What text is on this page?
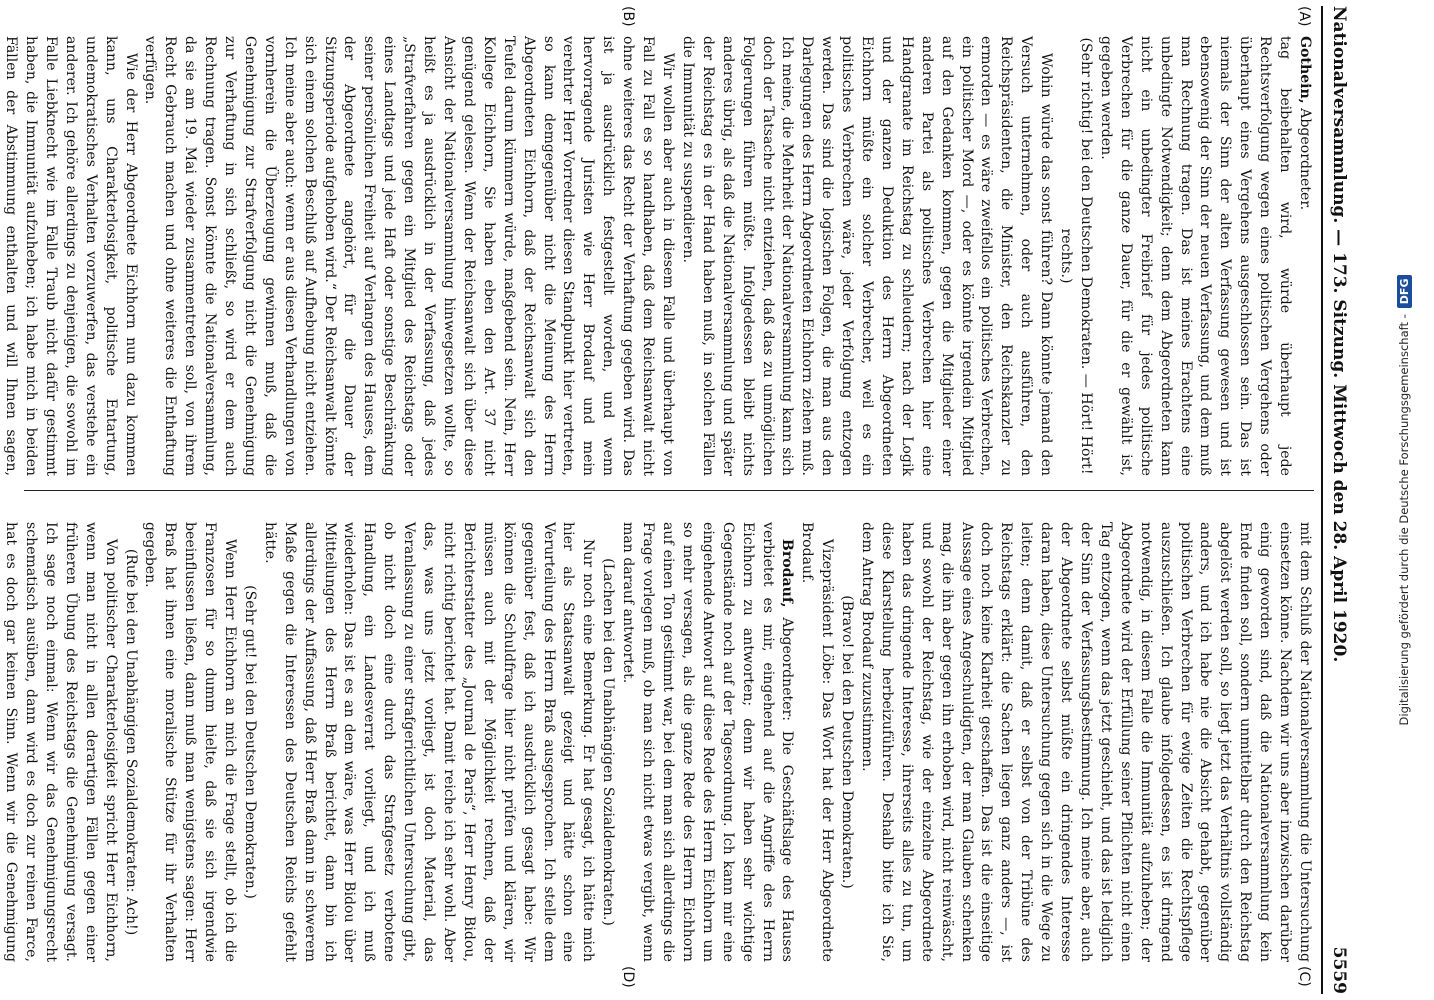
Nationalversammlung. — 173. Sitzung. Mittwoch den 28. April 1920.
5559
(A)
(B)
(C)
(D)

Gothein, Abgeordneter.

tag beibehalten wird, würde überhaupt jede Rechtsverfolgung wegen eines politischen Vergehens oder überhaupt eines Vergehens ausgeschlossen sein. Das ist niemals der Sinn der alten Verfassung gewesen und ist ebensowenig der Sinn der neuen Verfassung, und dem muß man Rechnung tragen. Das ist meines Erachtens eine unbedingte Notwendigkeit; denn dem Abgeordneten kann nicht ein unbedingter Freibrief für jedes politische Verbrechen für die ganze Dauer, für die er gewählt ist, gegeben werden.

(Sehr richtig! bei den Deutschen Demokraten. — Hört! Hört! rechts.)

Wohin würde das sonst führen? Dann könnte jemand den Versuch unternehmen, oder auch ausführen, den Reichspräsidenten, die Minister, den Reichskanzler zu ermorden — es wäre zweifellos ein politisches Verbrechen, ein politischer Mord —, oder es könnte irgendein Mitglied auf den Gedanken kommen, gegen die Mitglieder einer anderen Partei als politisches Verbrechen hier eine Handgranate im Reichstag zu schleudern; nach der Logik und der ganzen Deduktion des Herrn Abgeordneten Eichhorn müßte ein solcher Verbrecher, weil es ein politisches Verbrechen wäre, jeder Verfolgung entzogen werden. Das sind die logischen Folgen, die man aus den Darlegungen des Herrn Abgeordneten Eichhorn ziehen muß. Ich meine, die Mehrheit der Nationalversammlung kann sich doch der Tatsache nicht entziehen, daß das zu unmöglichen Folgerungen führen müßte. Infolgedessen bleibt nichts anderes übrig, als daß die Nationalversammlung und später der Reichstag es in der Hand haben muß, in solchen Fällen die Immunität zu suspendieren.

Wir wollen aber auch in diesem Falle und überhaupt von Fall zu Fall es so handhaben, daß dem Reichsanwalt nicht ohne weiteres das Recht der Verhaftung gegeben wird. Das ist ja ausdrücklich festgestellt worden, und wenn hervorragende Juristen wie Herr Brodauf und mein verehrter Herr Vorredner diesen Standpunkt hier vertreten, so kann demgegenüber nicht die Meinung des Herrn Abgeordneten Eichhorn, daß der Reichsanwalt sich den Teufel darum kümmern würde, maßgebend sein. Nein, Herr Kollege Eichhorn, Sie haben eben den Art. 37 nicht genügend gelesen. Wenn der Reichsanwalt sich über diese Ansicht der Nationalversammlung hinwegsetzen wollte, so heißt es ja ausdrücklich in der Verfassung, daß jedes „Strafverfahren gegen ein Mitglied des Reichstags oder eines Landtags und jede Haft oder sonstige Beschränkung seiner persönlichen Freiheit auf Verlangen des Hauses, dem der Abgeordnete angehört, für die Dauer der Sitzungsperiode aufgehoben wird.“ Der Reichsanwalt könnte sich einem solchen Beschluß auf Aufhebung nicht entziehen. Ich meine aber auch: wenn er aus diesen Verhandlungen von vornherein die Überzeugung gewinnen muß, daß die Genehmigung zur Strafverfolgung nicht die Genehmigung zur Verhaftung in sich schließt, so wird er dem auch Rechnung tragen. Sonst könnte die Nationalversammlung, da sie am 19. Mai wieder zusammentreten soll, von ihrem Recht Gebrauch machen und ohne weiteres die Enthaftung verfügen.

Wie der Herr Abgeordnete Eichhorn nun dazu kommen kann, uns Charakterlosigkeit, politische Entartung, undemokratisches Verhalten vorzuwerfen, das verstehe ein anderer. Ich gehöre allerdings zu denjenigen, die sowohl im Falle Liebknecht wie im Falle Traub nicht dafür gestimmt haben, die Immunität aufzuheben; ich habe mich in beiden Fällen der Abstimmung enthalten und will Ihnen sagen,

mit dem Schluß der Nationalversammlung die Untersuchung einsetzen könne. Nachdem wir uns aber inzwischen darüber einig geworden sind, daß die Nationalversammlung kein Ende finden soll, sondern unmittelbar durch den Reichstag abgelöst werden soll, so liegt jetzt das Verhältnis vollständig anders, und ich habe nie die Absicht gehabt, gegenüber politischen Verbrechen für ewige Zeiten die Rechtspflege auszuschließen. Ich glaube infolgedessen, es ist dringend notwendig, in diesem Falle die Immunität aufzuheben; der Abgeordnete wird der Erfüllung seiner Pflichten nicht einen Tag entzogen, wenn das jetzt geschieht, und das ist lediglich der Sinn der Verfassungsbestimmung. Ich meine aber, auch der Abgeordnete selbst müßte ein dringendes Interesse daran haben, diese Untersuchung gegen sich in die Wege zu leiten; denn damit, daß er selbst von der Tribüne des Reichstags erklärt: die Sachen liegen ganz anders —, ist doch noch keine Klarheit geschaffen. Das ist die einseitige Aussage eines Angeschuldigten, der man Glauben schenken mag, die ihn aber gegen ihn erhoben wird, nicht reinwäscht, und sowohl der Reichstag, wie der einzelne Abgeordnete haben das dringende Interesse, ihrerseits alles zu tun, um diese Klarstellung herbeizuführen. Deshalb bitte ich Sie, dem Antrag Brodauf zuzustimmen.

(Bravo! bei den Deutschen Demokraten.)

Vizepräsident Löbe: Das Wort hat der Herr Abgeordnete Brodauf.

Brodauf, Abgeordneter: Die Geschäftslage des Hauses verbietet es mir, eingehend auf die Angriffe des Herrn Eichhorn zu antworten; denn wir haben sehr wichtige Gegenstände noch auf der Tagesordnung. Ich kann mir eine eingehende Antwort auf diese Rede des Herrn Eichhorn um so mehr versagen, als die ganze Rede des Herrn Eichhorn auf einen Ton gestimmt war, bei dem man sich allerdings die Frage vorlegen muß, ob man sich nicht etwas vergibt, wenn man darauf antwortet.

(Lachen bei den Unabhängigen Sozialdemokraten.)

Nur noch eine Bemerkung. Er hat gesagt, ich hätte mich hier als Staatsanwalt gezeigt und hätte schon eine Verurteilung des Herrn Braß ausgesprochen. Ich stelle dem gegenüber fest, daß ich ausdrücklich gesagt habe: Wir können die Schuldfrage hier nicht prüfen und klären, wir müssen auch mit der Möglichkeit rechnen, daß der Berichterstatter des „Journal de Paris“, Herr Henry Bidou, nicht richtig berichtet hat. Damit reiche ich sehr wohl. Aber das, was uns jetzt vorliegt, ist doch Material, das Veranlassung zu einer strafgerichtlichen Untersuchung gibt, ob nicht doch eine durch das Strafgesetz verbotene Handlung, ein Landesverrat vorliegt, und ich muß wiederholen: Das ist es an dem wäre, was Herr Bidou über Mitteilungen des Herrn Braß berichtet, dann bin ich allerdings der Auffassung, daß Herr Braß dann in schwerem Maße gegen die Interessen des Deutschen Reichs gefehlt hätte.

(Sehr gut! bei den Deutschen Demokraten.)

Wenn Herr Eichhorn an mich die Frage stellt, ob ich die Franzosen für so dumm hielte, daß sie sich irgendwie beeinflussen ließen, dann muß man wenigstens sagen: Herr Braß hat ihnen eine moralische Stütze für ihr Verhalten gegeben.

(Rufe bei den Unabhängigen Sozialdemokraten: Ach!)

Von politischer Charakterlosigkeit spricht Herr Eichhorn, wenn man nicht in allen derartigen Fällen gegen einer früheren Übung des Reichstags die Genehmigung versagt. Ich sage noch einmal: Wenn wir das Genehmigungsrecht schematisch ausüben, dann wird es doch zur reinen Farce, hat es doch gar keinen Sinn. Wenn wir die Genehmigung

Digitalisierung gefördert durch die Deutsche Forschungsgemeinschaft -
DFG
